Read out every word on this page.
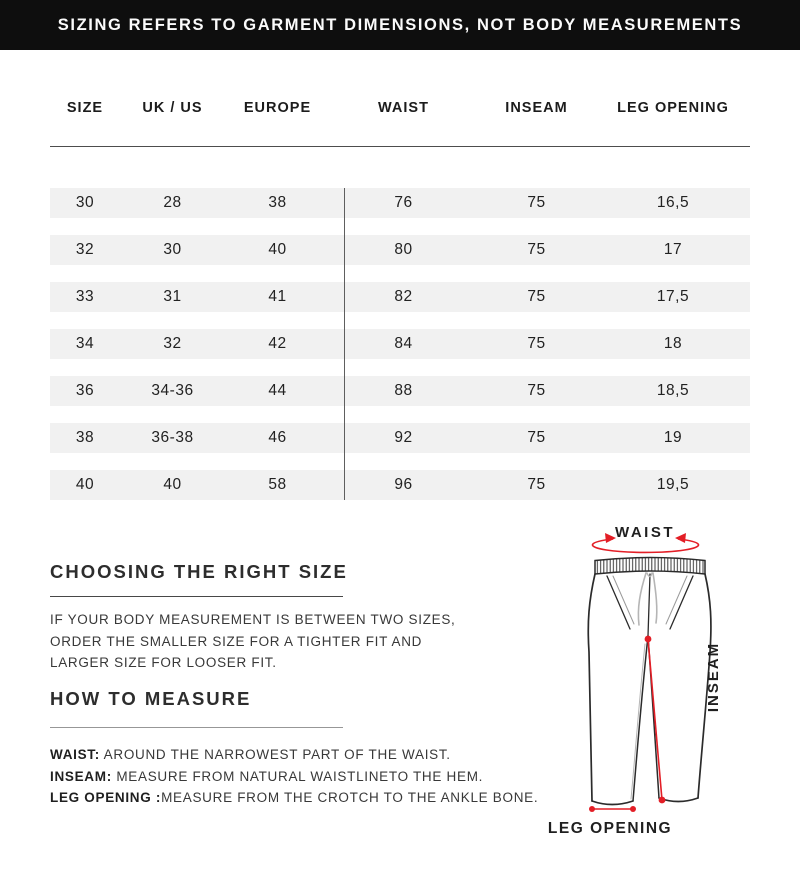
SIZING REFERS TO GARMENT DIMENSIONS, NOT BODY MEASUREMENTS
SIZE	UK / US	EUROPE	WAIST	INSEAM	LEG OPENING
30	28	38	76	75	16,5
32	30	40	80	75	17
33	31	41	82	75	17,5
34	32	42	84	75	18
36	34-36	44	88	75	18,5
38	36-38	46	92	75	19
40	40	58	96	75	19,5
CHOOSING THE RIGHT SIZE
IF YOUR BODY MEASUREMENT IS BETWEEN TWO SIZES,
ORDER THE SMALLER SIZE FOR A TIGHTER FIT AND
LARGER SIZE FOR LOOSER FIT.
HOW TO MEASURE
WAIST: AROUND THE NARROWEST PART OF THE WAIST.
INSEAM: MEASURE FROM NATURAL WAISTLINETO THE HEM.
LEG OPENING :MEASURE FROM THE CROTCH TO THE ANKLE BONE.
WAIST
INSEAM
LEG OPENING
